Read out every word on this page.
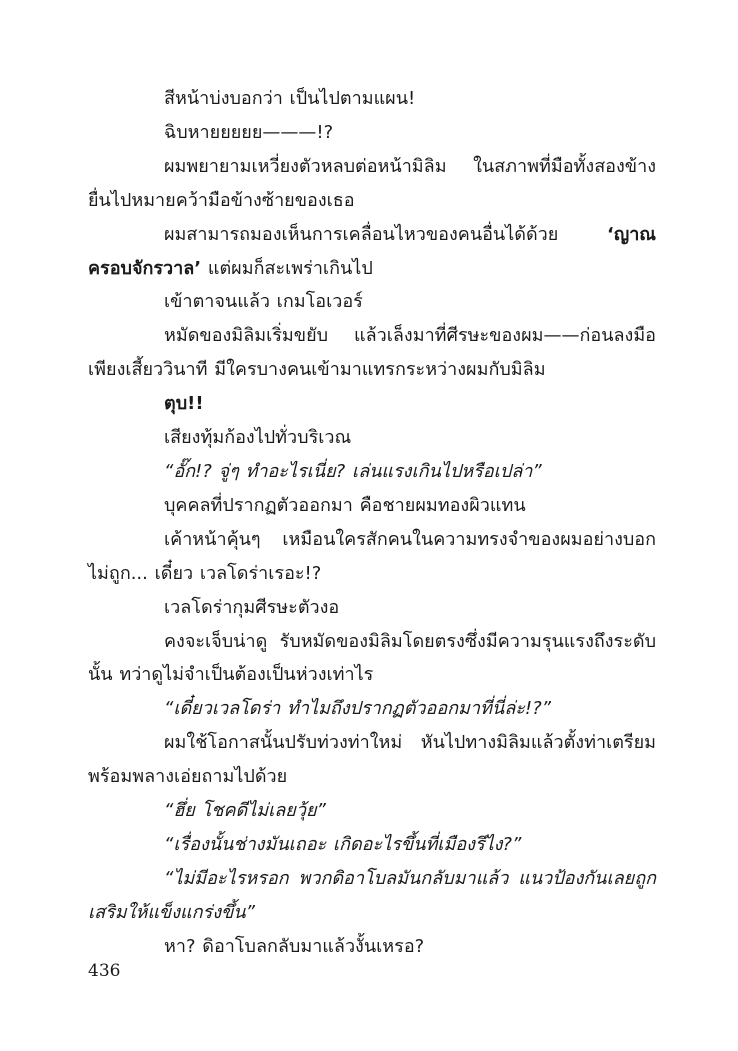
สีหน้าบ่งบอกว่า เป็นไปตามแผน!

ฉิบหายยยยย———!?

ผมพยายามเหวี่ยงตัวหลบต่อหน้ามิลิม ในสภาพที่มือทั้งสองข้างยื่นไปหมายคว้ามือข้างซ้ายของเธอ

ผมสามารถมองเห็นการเคลื่อนไหวของคนอื่นได้ด้วย ‘ญาณครอบจักรวาล’ แต่ผมก็สะเพร่าเกินไป

เข้าตาจนแล้ว เกมโอเวอร์

หมัดของมิลิมเริ่มขยับ แล้วเล็งมาที่ศีรษะของผม——ก่อนลงมือเพียงเสี้ยววินาที มีใครบางคนเข้ามาแทรกระหว่างผมกับมิลิม

ตุบ!!

เสียงทุ้มก้องไปทั่วบริเวณ

“อั๊ก!? จู่ๆ ทำอะไรเนี่ย? เล่นแรงเกินไปหรือเปล่า”

บุคคลที่ปรากฏตัวออกมา คือชายผมทองผิวแทน

เค้าหน้าคุ้นๆ เหมือนใครสักคนในความทรงจำของผมอย่างบอกไม่ถูก... เดี๋ยว เวลโดร่าเรอะ!?

เวลโดร่ากุมศีรษะตัวงอ

คงจะเจ็บน่าดู รับหมัดของมิลิมโดยตรงซึ่งมีความรุนแรงถึงระดับนั้น ทว่าดูไม่จำเป็นต้องเป็นห่วงเท่าไร

“เดี๋ยวเวลโดร่า ทำไมถึงปรากฏตัวออกมาที่นี่ล่ะ!?”

ผมใช้โอกาสนั้นปรับท่วงท่าใหม่ หันไปทางมิลิมแล้วตั้งท่าเตรียมพร้อมพลางเอ่ยถามไปด้วย

“ฮึ่ย โชคดีไม่เลยวุ้ย”

“เรื่องนั้นช่างมันเถอะ เกิดอะไรขึ้นที่เมืองรึไง?”

“ไม่มีอะไรหรอก พวกดิอาโบลมันกลับมาแล้ว แนวป้องกันเลยถูกเสริมให้แข็งแกร่งขึ้น”

หา? ดิอาโบลกลับมาแล้วงั้นเหรอ?

436
